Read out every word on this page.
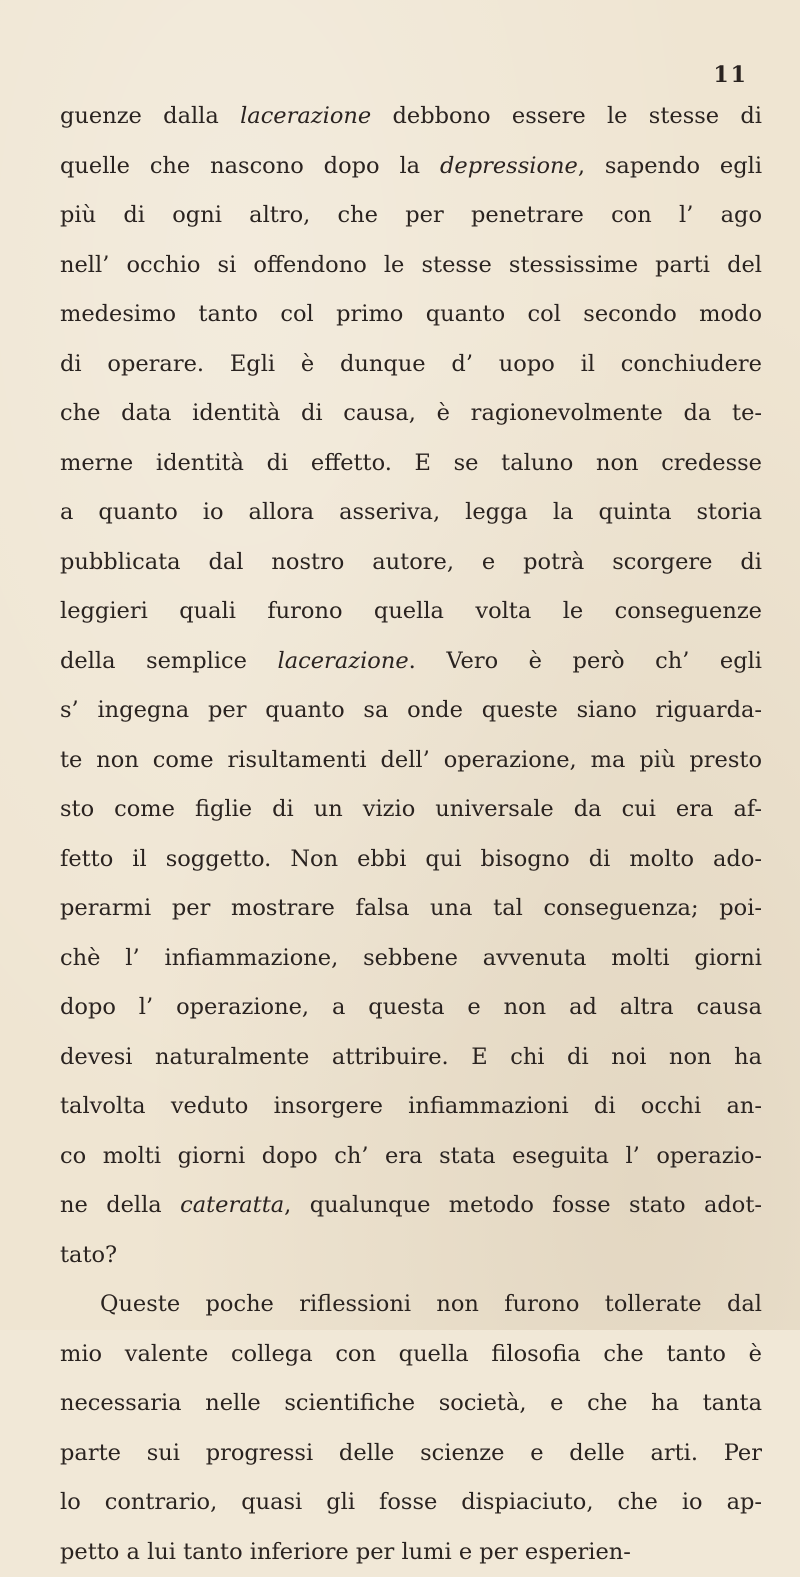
11
guenze dalla lacerazione debbono essere le stesse di
quelle che nascono dopo la depressione, sapendo egli
più di ogni altro, che per penetrare con l’ ago
nell’ occhio si offendono le stesse stessissime parti del
medesimo tanto col primo quanto col secondo modo
di operare. Egli è dunque d’ uopo il conchiudere
che data identità di causa, è ragionevolmente da te-
merne identità di effetto. E se taluno non credesse
a quanto io allora asseriva, legga la quinta storia
pubblicata dal nostro autore, e potrà scorgere di
leggieri quali furono quella volta le conseguenze
della semplice lacerazione. Vero è però ch’ egli
s’ ingegna per quanto sa onde queste siano riguarda-
te non come risultamenti dell’ operazione, ma più presto
sto come figlie di un vizio universale da cui era af-
fetto il soggetto. Non ebbi qui bisogno di molto ado-
perarmi per mostrare falsa una tal conseguenza; poi-
chè l’ infiammazione, sebbene avvenuta molti giorni
dopo l’ operazione, a questa e non ad altra causa
devesi naturalmente attribuire. E chi di noi non ha
talvolta veduto insorgere infiammazioni di occhi an-
co molti giorni dopo ch’ era stata eseguita l’ operazio-
ne della cateratta, qualunque metodo fosse stato adot-
tato?
Queste poche riflessioni non furono tollerate dal
mio valente collega con quella filosofia che tanto è
necessaria nelle scientifiche società, e che ha tanta
parte sui progressi delle scienze e delle arti. Per
lo contrario, quasi gli fosse dispiaciuto, che io ap-
petto a lui tanto inferiore per lumi e per esperien-
